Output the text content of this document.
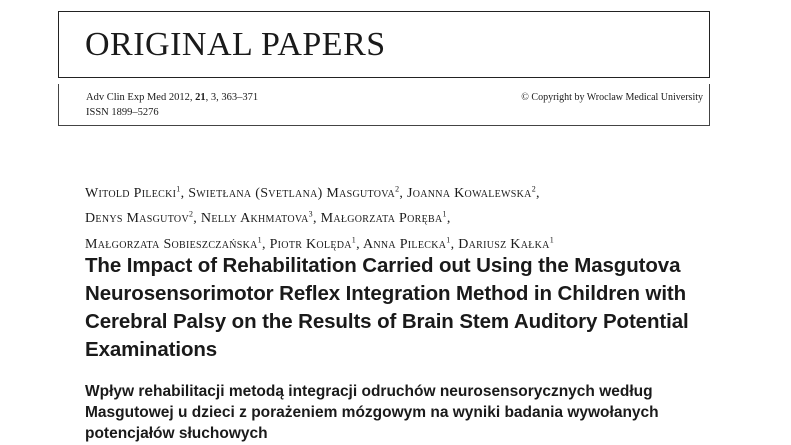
ORIGINAL PAPERS
Adv Clin Exp Med 2012, 21, 3, 363–371
ISSN 1899–5276
© Copyright by Wroclaw Medical University
Witold Pilecki$^1$, Swietłana (Svetlana) Masgutova$^2$, Joanna Kowalewska$^2$,
Denys Masgutov$^2$, Nelly Akhmatova$^3$, Małgorzata Poręba$^1$,
Małgorzata Sobieszczańska$^1$, Piotr Kolęda$^1$, Anna Pilecka$^1$, Dariusz Kałka$^1$
The Impact of Rehabilitation Carried out Using the Masgutova Neurosensorimotor Reflex Integration Method in Children with Cerebral Palsy on the Results of Brain Stem Auditory Potential Examinations
Wpływ rehabilitacji metodą integracji odruchów neurosensorycznych według Masgutowej u dzieci z porażeniem mózgowym na wyniki badania wywołanych potencjałów słuchowych
